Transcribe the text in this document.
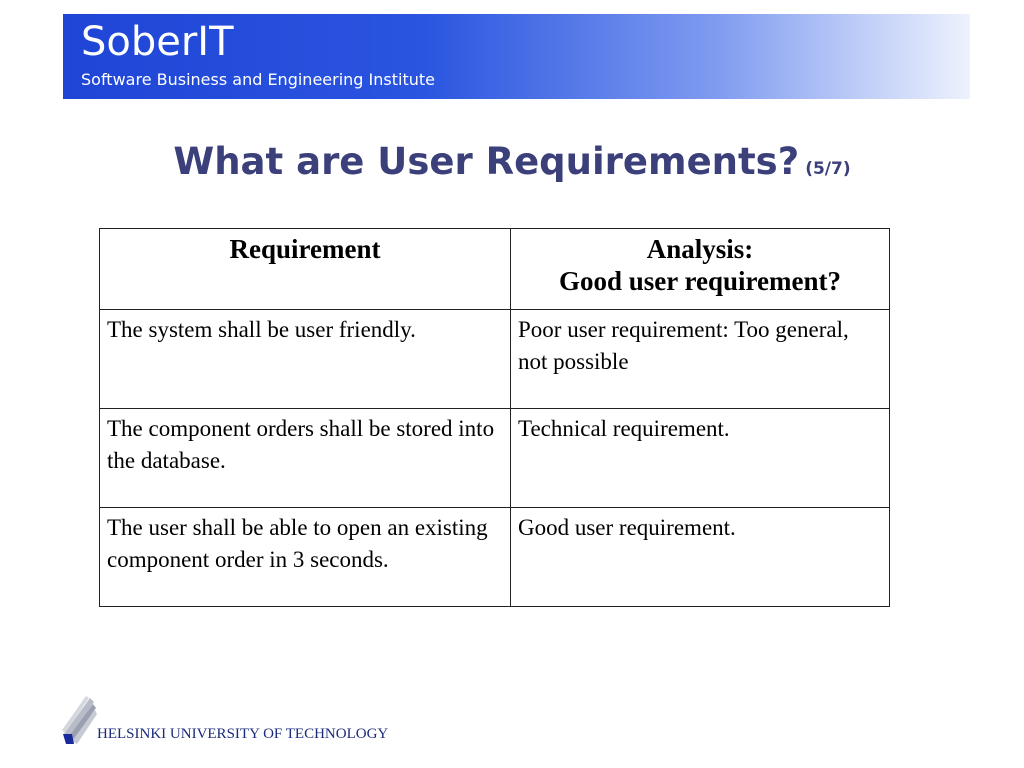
SoberIT
Software Business and Engineering Institute
What are User Requirements? (5/7)
Requirement	Analysis:
Good user requirement?

The system shall be user friendly.	Poor user requirement: Too general, not possible
The component orders shall be stored into the database.	Technical requirement.
The user shall be able to open an existing component order in 3 seconds.	Good user requirement.
HELSINKI UNIVERSITY OF TECHNOLOGY
